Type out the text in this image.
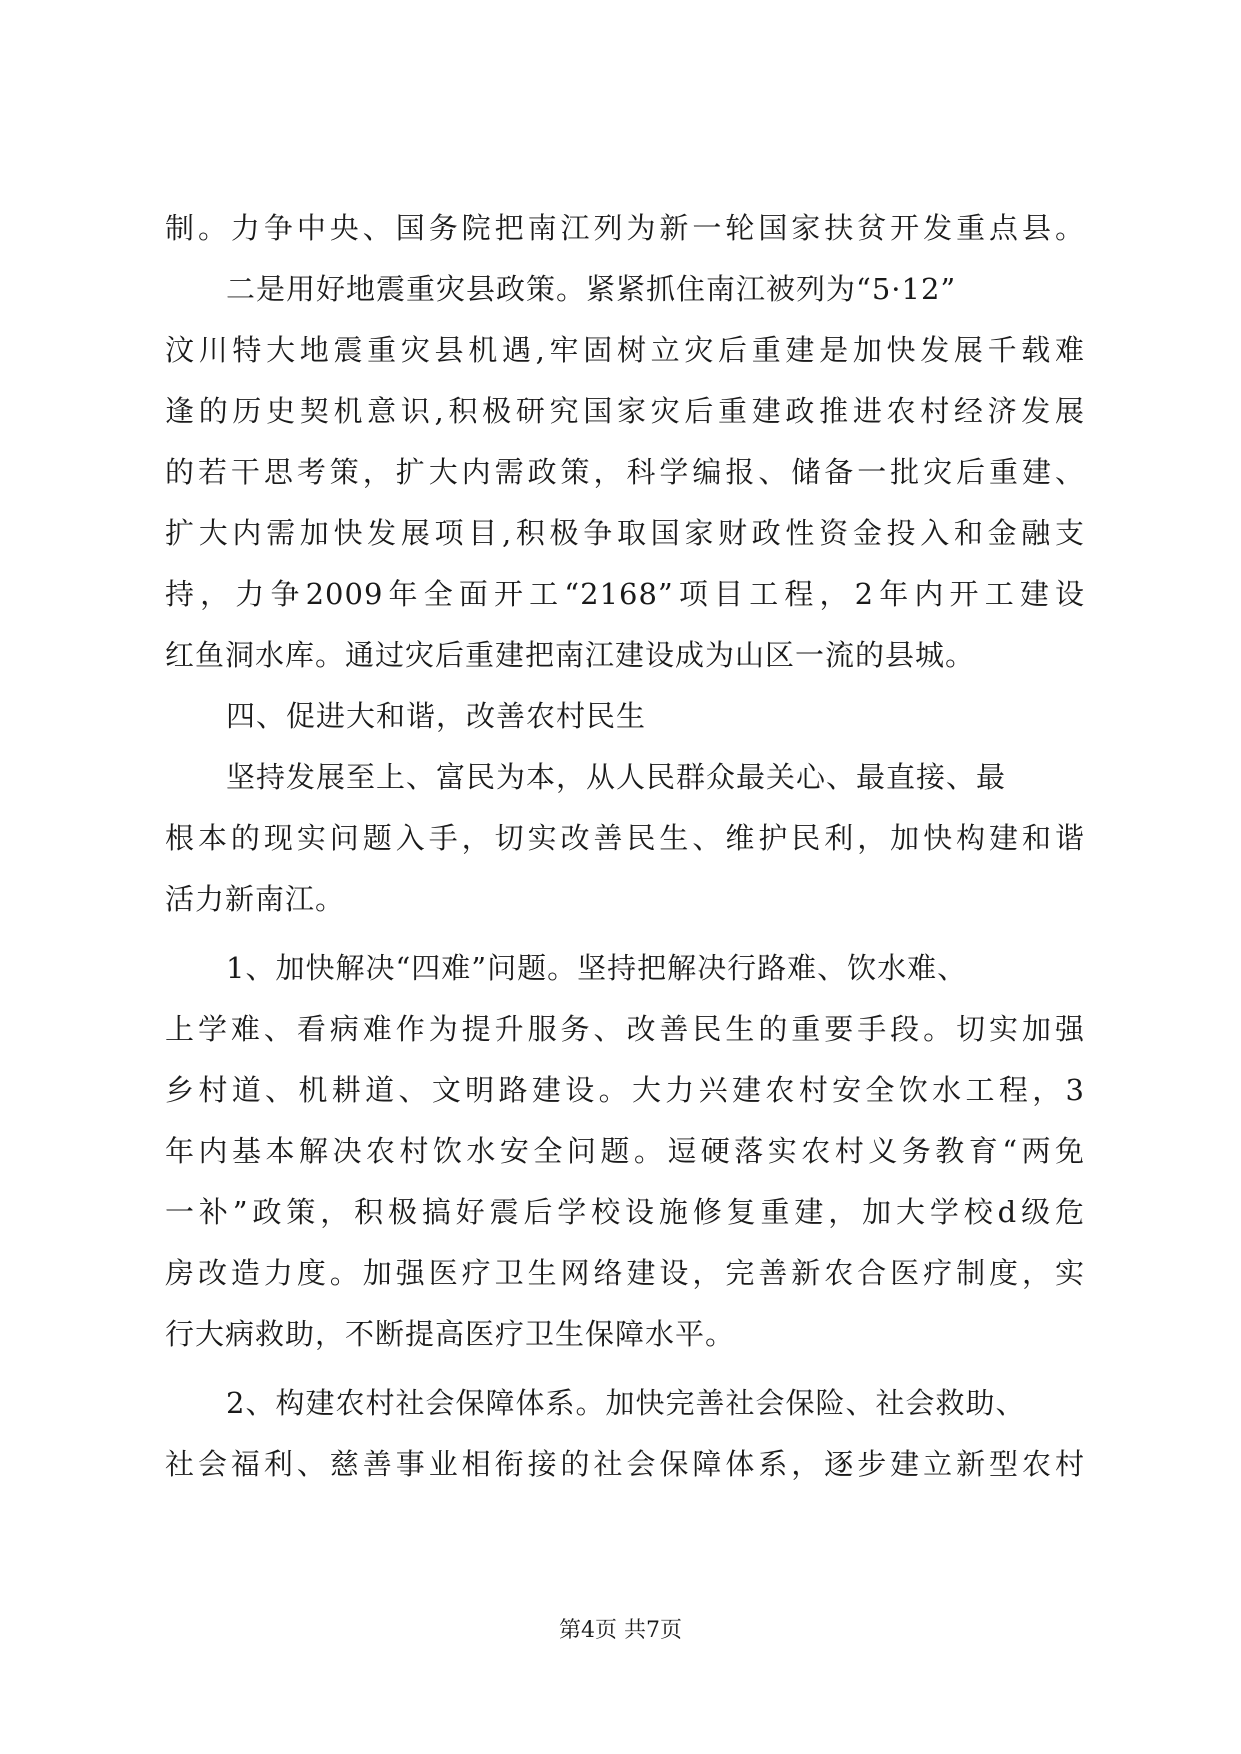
制。力争中央、国务院把南江列为新一轮国家扶贫开发重点县。
二是用好地震重灾县政策。紧紧抓住南江被列为“5·12”
汶川特大地震重灾县机遇,牢固树立灾后重建是加快发展千载难
逢的历史契机意识,积极研究国家灾后重建政推进农村经济发展
的若干思考策，扩大内需政策，科学编报、储备一批灾后重建、
扩大内需加快发展项目,积极争取国家财政性资金投入和金融支
持，力争2009年全面开工“2168”项目工程，2年内开工建设
红鱼洞水库。通过灾后重建把南江建设成为山区一流的县城。
四、促进大和谐，改善农村民生
坚持发展至上、富民为本，从人民群众最关心、最直接、最
根本的现实问题入手，切实改善民生、维护民利，加快构建和谐
活力新南江。
1、加快解决“四难”问题。坚持把解决行路难、饮水难、
上学难、看病难作为提升服务、改善民生的重要手段。切实加强
乡村道、机耕道、文明路建设。大力兴建农村安全饮水工程，3
年内基本解决农村饮水安全问题。逗硬落实农村义务教育“两免
一补”政策，积极搞好震后学校设施修复重建，加大学校d级危
房改造力度。加强医疗卫生网络建设，完善新农合医疗制度，实
行大病救助，不断提高医疗卫生保障水平。
2、构建农村社会保障体系。加快完善社会保险、社会救助、
社会福利、慈善事业相衔接的社会保障体系，逐步建立新型农村
第4页 共7页
